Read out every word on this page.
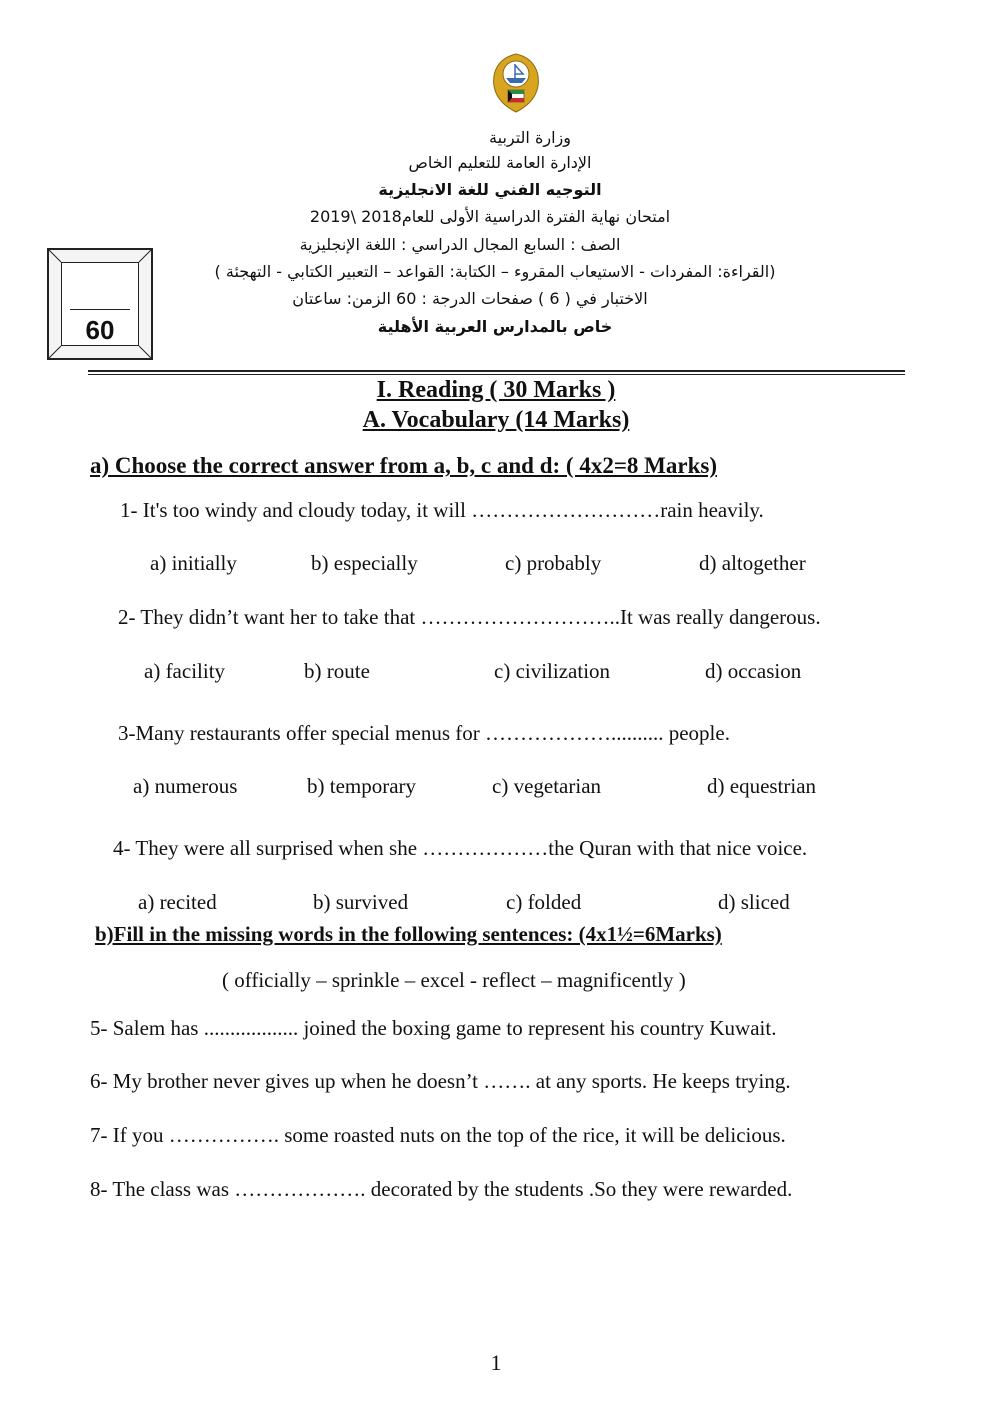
وزارة التربية
الإدارة العامة للتعليم الخاص
التوجيه الفني للغة الانجليزية
امتحان نهاية الفترة الدراسية الأولى للعام2018 \2019
الصف : السابع المجال الدراسي : اللغة الإنجليزية
(القراءة: المفردات - الاستيعاب المقروء – الكتابة: القواعد – التعبير الكتابي - التهجئة )
الاختبار في ( 6 ) صفحات الدرجة : 60 الزمن: ساعتان
خاص بالمدارس العربية الأهلية
60
I. Reading ( 30 Marks )
A. Vocabulary (14 Marks)
a) Choose the correct answer from a, b, c and d: ( 4x2=8 Marks)
1- It's too windy and cloudy today, it will ………………………rain heavily.
a) initially	b) especially	c) probably	d) altogether
2- They didn’t want her to take that ………………………..It was really dangerous.
a) facility	b) route	c) civilization	d) occasion
3-Many restaurants offer special menus for ……………….......... people.
a) numerous	b) temporary	c) vegetarian	d) equestrian
4- They were all surprised when she ………………the Quran with that nice voice.
a) recited	b) survived	c) folded	d) sliced
b)Fill in the missing words in the following sentences: (4x1½=6Marks)
( officially – sprinkle – excel - reflect – magnificently )
5- Salem has .................. joined the boxing game to represent his country Kuwait.
6- My brother never gives up when he doesn’t ……. at any sports. He keeps trying.
7- If you ……………. some roasted nuts on the top of the rice, it will be delicious.
8- The class was ………………. decorated by the students .So they were rewarded.
1
